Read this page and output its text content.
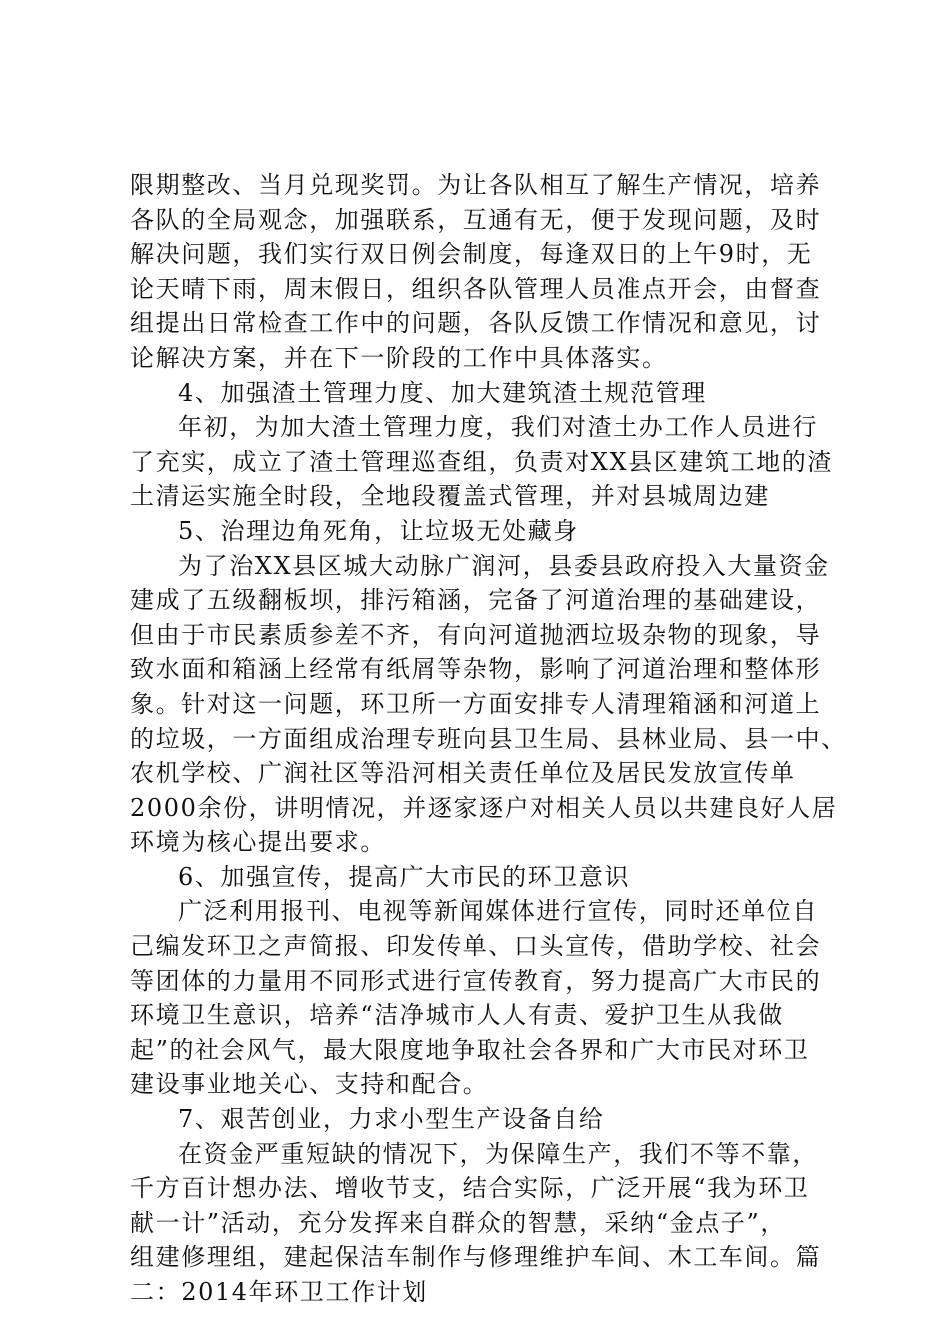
限期整改、当月兑现奖罚。为让各队相互了解生产情况，培养
各队的全局观念，加强联系，互通有无，便于发现问题，及时
解决问题，我们实行双日例会制度，每逢双日的上午9时，无
论天晴下雨，周末假日，组织各队管理人员准点开会，由督查
组提出日常检查工作中的问题，各队反馈工作情况和意见，讨
论解决方案，并在下一阶段的工作中具体落实。
4、加强渣土管理力度、加大建筑渣土规范管理
年初，为加大渣土管理力度，我们对渣土办工作人员进行
了充实，成立了渣土管理巡查组，负责对XX县区建筑工地的渣
土清运实施全时段，全地段覆盖式管理，并对县城周边建
5、治理边角死角，让垃圾无处藏身
为了治XX县区城大动脉广润河，县委县政府投入大量资金
建成了五级翻板坝，排污箱涵，完备了河道治理的基础建设，
但由于市民素质参差不齐，有向河道抛洒垃圾杂物的现象，导
致水面和箱涵上经常有纸屑等杂物，影响了河道治理和整体形
象。针对这一问题，环卫所一方面安排专人清理箱涵和河道上
的垃圾，一方面组成治理专班向县卫生局、县林业局、县一中、
农机学校、广润社区等沿河相关责任单位及居民发放宣传单
2000余份，讲明情况，并逐家逐户对相关人员以共建良好人居
环境为核心提出要求。
6、加强宣传，提高广大市民的环卫意识
广泛利用报刊、电视等新闻媒体进行宣传，同时还单位自
己编发环卫之声简报、印发传单、口头宣传，借助学校、社会
等团体的力量用不同形式进行宣传教育，努力提高广大市民的
环境卫生意识，培养“洁净城市人人有责、爱护卫生从我做
起”的社会风气，最大限度地争取社会各界和广大市民对环卫
建设事业地关心、支持和配合。
7、艰苦创业，力求小型生产设备自给
在资金严重短缺的情况下，为保障生产，我们不等不靠，
千方百计想办法、增收节支，结合实际，广泛开展“我为环卫
献一计”活动，充分发挥来自群众的智慧，采纳“金点子”，
组建修理组，建起保洁车制作与修理维护车间、木工车间。篇
二：2014年环卫工作计划
